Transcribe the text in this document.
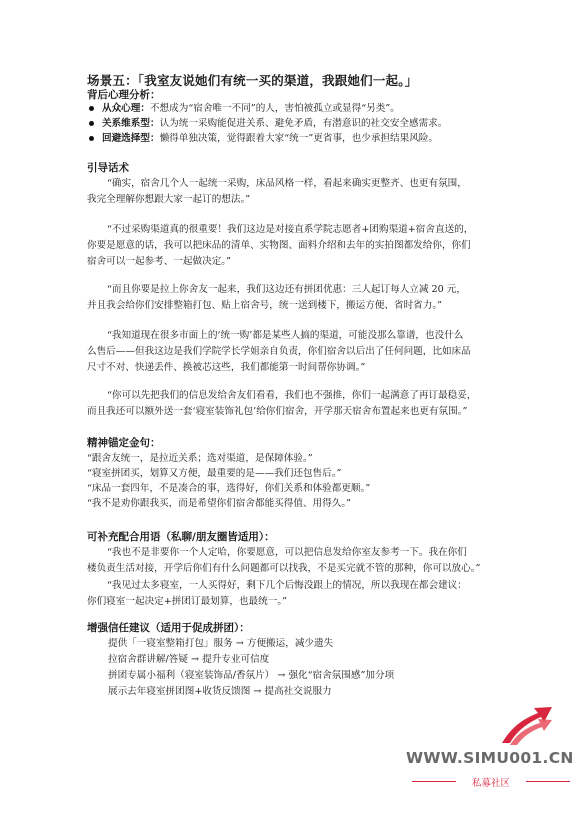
场景五：「我室友说她们有统一买的渠道，我跟她们一起。」
背后心理分析：
从众心理：不想成为“宿舍唯一不同”的人，害怕被孤立或显得“另类”。
关系维系型：认为统一采购能促进关系、避免矛盾，有潜意识的社交安全感需求。
回避选择型：懒得单独决策，觉得跟着大家“统一”更省事，也少承担结果风险。
引导话术
“确实，宿舍几个人一起统一采购，床品风格一样，看起来确实更整齐、也更有氛围，
我完全理解你想跟大家一起订的想法。”
“不过采购渠道真的很重要！我们这边是对接直系学院志愿者+团购渠道+宿舍直送的，
你要是愿意的话，我可以把床品的清单、实物图、面料介绍和去年的实拍图都发给你，你们
宿舍可以一起参考、一起做决定。”
“而且你要是拉上你舍友一起来，我们这边还有拼团优惠：三人起订每人立减 20 元，
并且我会给你们安排整箱打包、贴上宿舍号，统一送到楼下，搬运方便、省时省力。”
“我知道现在很多市面上的‘统一购’都是某些人搞的渠道，可能没那么靠谱，也没什么
么售后——但我这边是我们学院学长学姐亲自负责，你们宿舍以后出了任何问题，比如床品
尺寸不对、快递丢件、换被芯这些，我们都能第一时间帮你协调。”
“你可以先把我们的信息发给舍友们看看，我们也不强推，你们一起满意了再订最稳妥，
而且我还可以额外送一套‘寝室装饰礼包’给你们宿舍，开学那天宿舍布置起来也更有氛围。”
精神锚定金句：
“跟舍友统一，是拉近关系；选对渠道，是保障体验。”
“寝室拼团买，划算又方便，最重要的是——我们还包售后。”
“床品一套四年，不是凑合的事，选得好，你们关系和体验都更顺。”
“我不是劝你跟我买，而是希望你们宿舍都能买得值、用得久。”
可补充配合用语（私聊/朋友圈皆适用）：
“我也不是非要你一个人定哈，你要愿意，可以把信息发给你室友参考一下。我在你们
楼负责生活对接，开学后你们有什么问题都可以找我，不是买完就不管的那种，你可以放心。”
“我见过太多寝室，一人买得好，剩下几个后悔没跟上的情况，所以我现在都会建议：
你们寝室一起决定+拼团订最划算，也最统一。”
增强信任建议（适用于促成拼团）：
提供「一寝室整箱打包」服务 → 方便搬运，减少遗失
拉宿舍群讲解/答疑 → 提升专业可信度
拼团专属小福利（寝室装饰品/香氛片） → 强化“宿舍氛围感”加分项
展示去年寝室拼团图+收货反馈图 → 提高社交说服力
WWW.SIMU001.CN
私募社区
